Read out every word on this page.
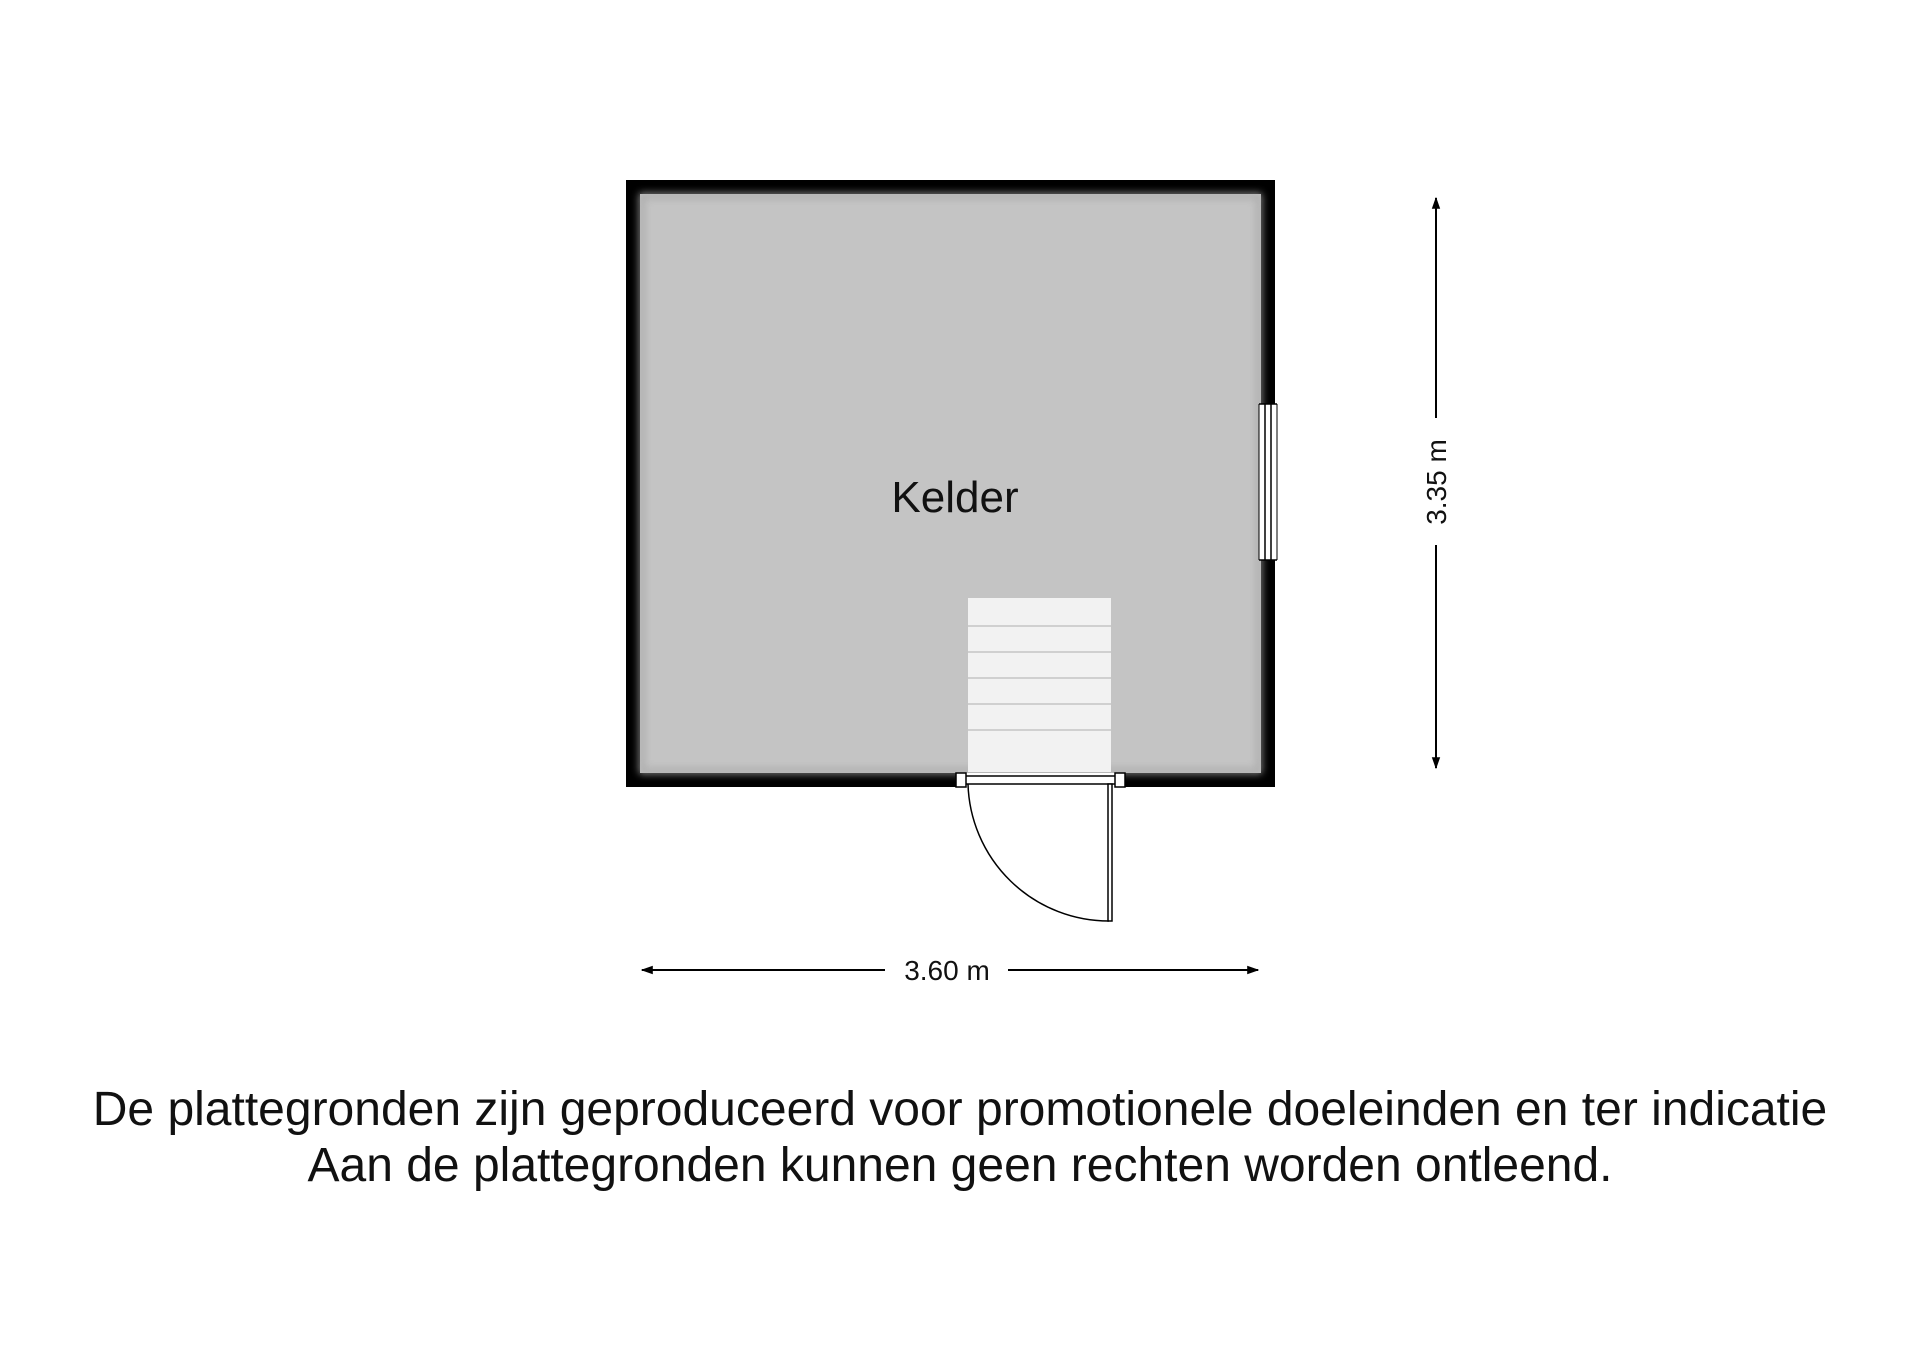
Kelder
3.60 m
3.35 m
De plattegronden zijn geproduceerd voor promotionele doeleinden en ter indicatie
Aan de plattegronden kunnen geen rechten worden ontleend.
